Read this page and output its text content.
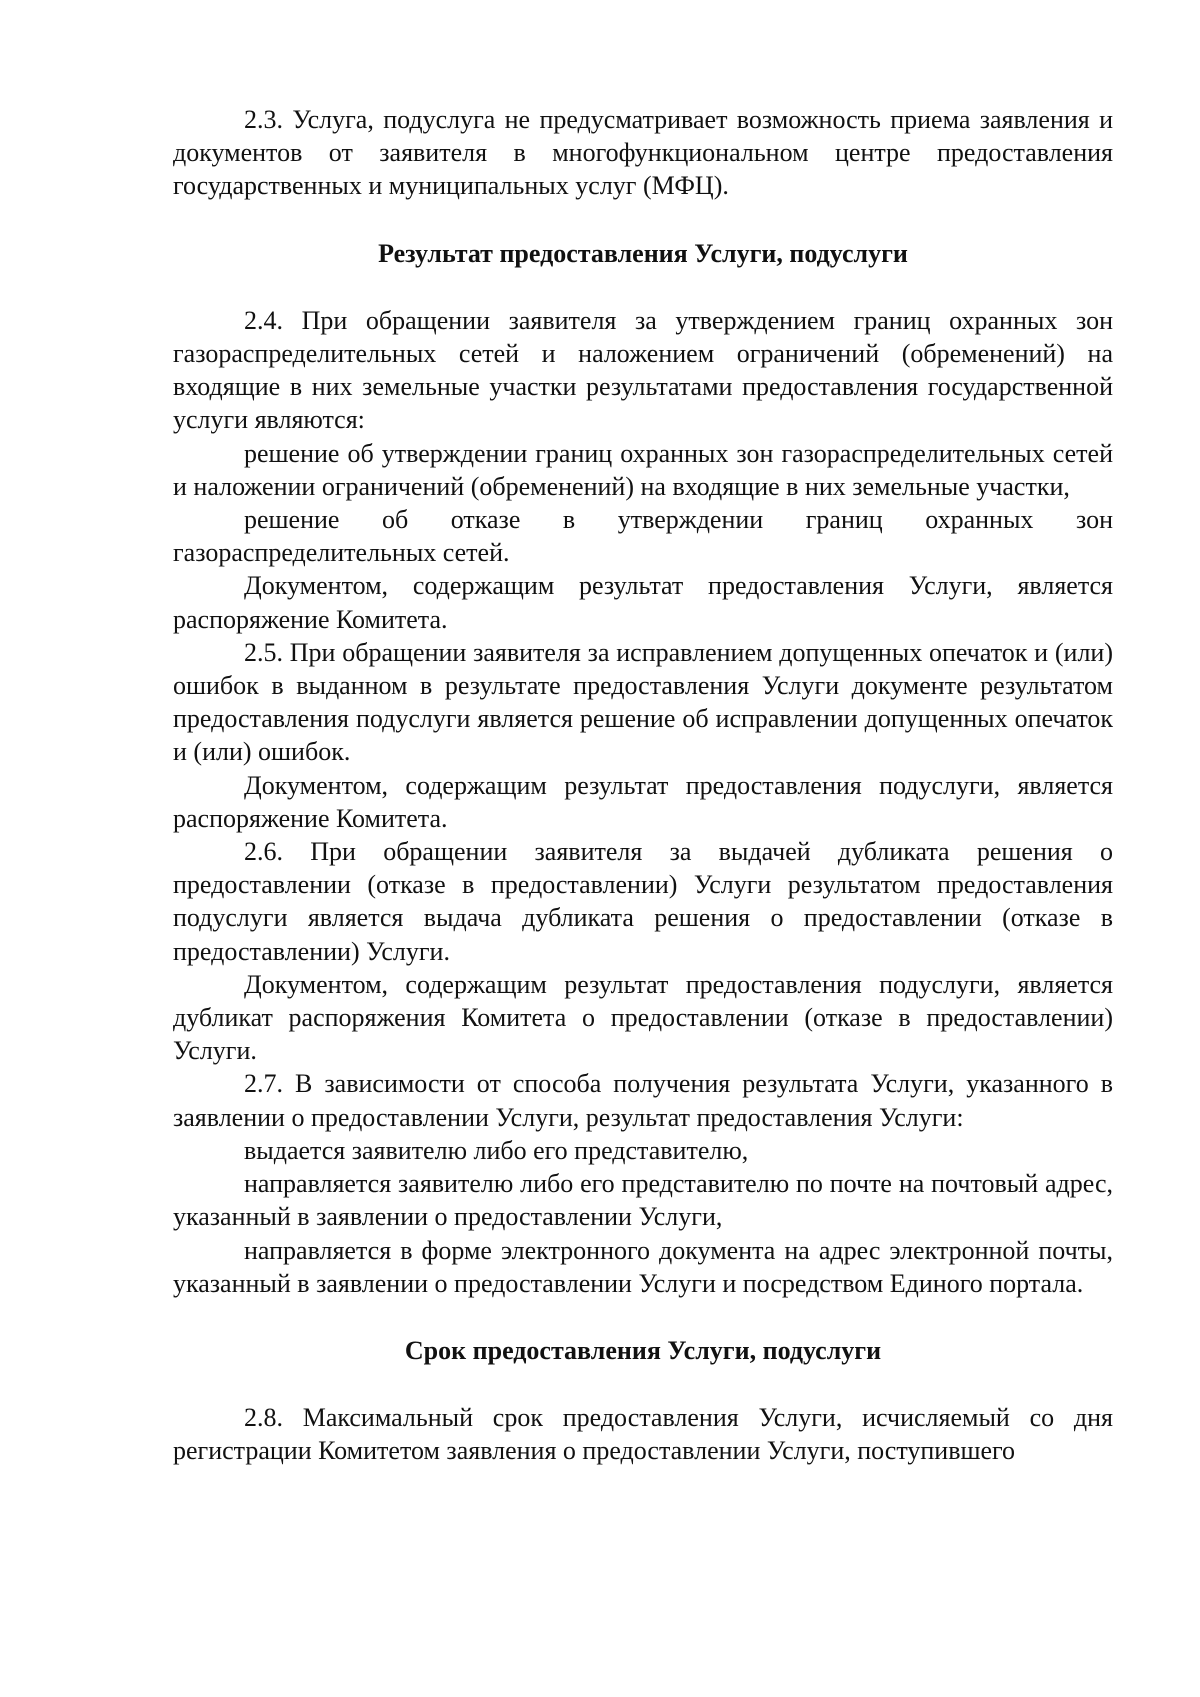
2.3. Услуга, подуслуга не предусматривает возможность приема заявления и документов от заявителя в многофункциональном центре предоставления государственных и муниципальных услуг (МФЦ).

Результат предоставления Услуги, подуслуги

2.4. При обращении заявителя за утверждением границ охранных зон газораспределительных сетей и наложением ограничений (обременений) на входящие в них земельные участки результатами предоставления государственной услуги являются:

решение об утверждении границ охранных зон газораспределительных сетей и наложении ограничений (обременений) на входящие в них земельные участки,

решение об отказе в утверждении границ охранных зон газораспределительных сетей.

Документом, содержащим результат предоставления Услуги, является распоряжение Комитета.

2.5. При обращении заявителя за исправлением допущенных опечаток и (или) ошибок в выданном в результате предоставления Услуги документе результатом предоставления подуслуги является решение об исправлении допущенных опечаток и (или) ошибок.

Документом, содержащим результат предоставления подуслуги, является распоряжение Комитета.

2.6. При обращении заявителя за выдачей дубликата решения о предоставлении (отказе в предоставлении) Услуги результатом предоставления подуслуги является выдача дубликата решения о предоставлении (отказе в предоставлении) Услуги.

Документом, содержащим результат предоставления подуслуги, является дубликат распоряжения Комитета о предоставлении (отказе в предоставлении) Услуги.

2.7. В зависимости от способа получения результата Услуги, указанного в заявлении о предоставлении Услуги, результат предоставления Услуги:

выдается заявителю либо его представителю,

направляется заявителю либо его представителю по почте на почтовый адрес, указанный в заявлении о предоставлении Услуги,

направляется в форме электронного документа на адрес электронной почты, указанный в заявлении о предоставлении Услуги и посредством Единого портала.

Срок предоставления Услуги, подуслуги

2.8. Максимальный срок предоставления Услуги, исчисляемый со дня регистрации Комитетом заявления о предоставлении Услуги, поступившего
